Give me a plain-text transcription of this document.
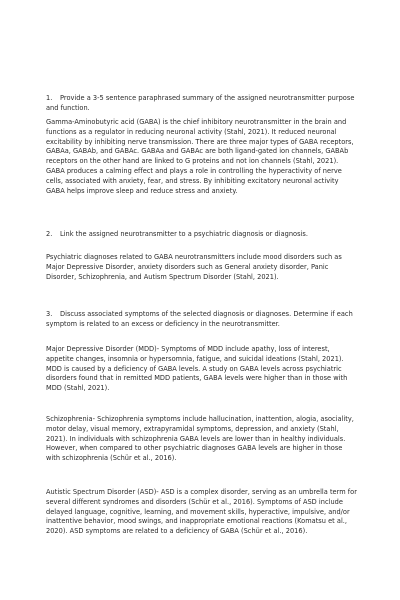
1. Provide a 3-5 sentence paraphrased summary of the assigned neurotransmitter purpose and function.
Gamma-Aminobutyric acid (GABA) is the chief inhibitory neurotransmitter in the brain and functions as a regulator in reducing neuronal activity (Stahl, 2021). It reduced neuronal excitability by inhibiting nerve transmission. There are three major types of GABA receptors, GABAa, GABAb, and GABAc. GABAa and GABAc are both ligand-gated ion channels, GABAb receptors on the other hand are linked to G proteins and not ion channels (Stahl, 2021). GABA produces a calming effect and plays a role in controlling the hyperactivity of nerve cells, associated with anxiety, fear, and stress. By inhibiting excitatory neuronal activity GABA helps improve sleep and reduce stress and anxiety.
2. Link the assigned neurotransmitter to a psychiatric diagnosis or diagnosis.
Psychiatric diagnoses related to GABA neurotransmitters include mood disorders such as Major Depressive Disorder, anxiety disorders such as General anxiety disorder, Panic Disorder, Schizophrenia, and Autism Spectrum Disorder (Stahl, 2021).
3. Discuss associated symptoms of the selected diagnosis or diagnoses. Determine if each symptom is related to an excess or deficiency in the neurotransmitter.
Major Depressive Disorder (MDD)- Symptoms of MDD include apathy, loss of interest, appetite changes, insomnia or hypersomnia, fatigue, and suicidal ideations (Stahl, 2021). MDD is caused by a deficiency of GABA levels. A study on GABA levels across psychiatric disorders found that in remitted MDD patients, GABA levels were higher than in those with MDD (Stahl, 2021).
Schizophrenia- Schizophrenia symptoms include hallucination, inattention, alogia, asociality, motor delay, visual memory, extrapyramidal symptoms, depression, and anxiety (Stahl, 2021). In individuals with schizophrenia GABA levels are lower than in healthy individuals. However, when compared to other psychiatric diagnoses GABA levels are higher in those with schizophrenia (Schür et al., 2016).
Autistic Spectrum Disorder (ASD)- ASD is a complex disorder, serving as an umbrella term for several different syndromes and disorders (Schür et al., 2016). Symptoms of ASD include delayed language, cognitive, learning, and movement skills, hyperactive, impulsive, and/or inattentive behavior, mood swings, and inappropriate emotional reactions (Komatsu et al., 2020). ASD symptoms are related to a deficiency of GABA (Schür et al., 2016).
